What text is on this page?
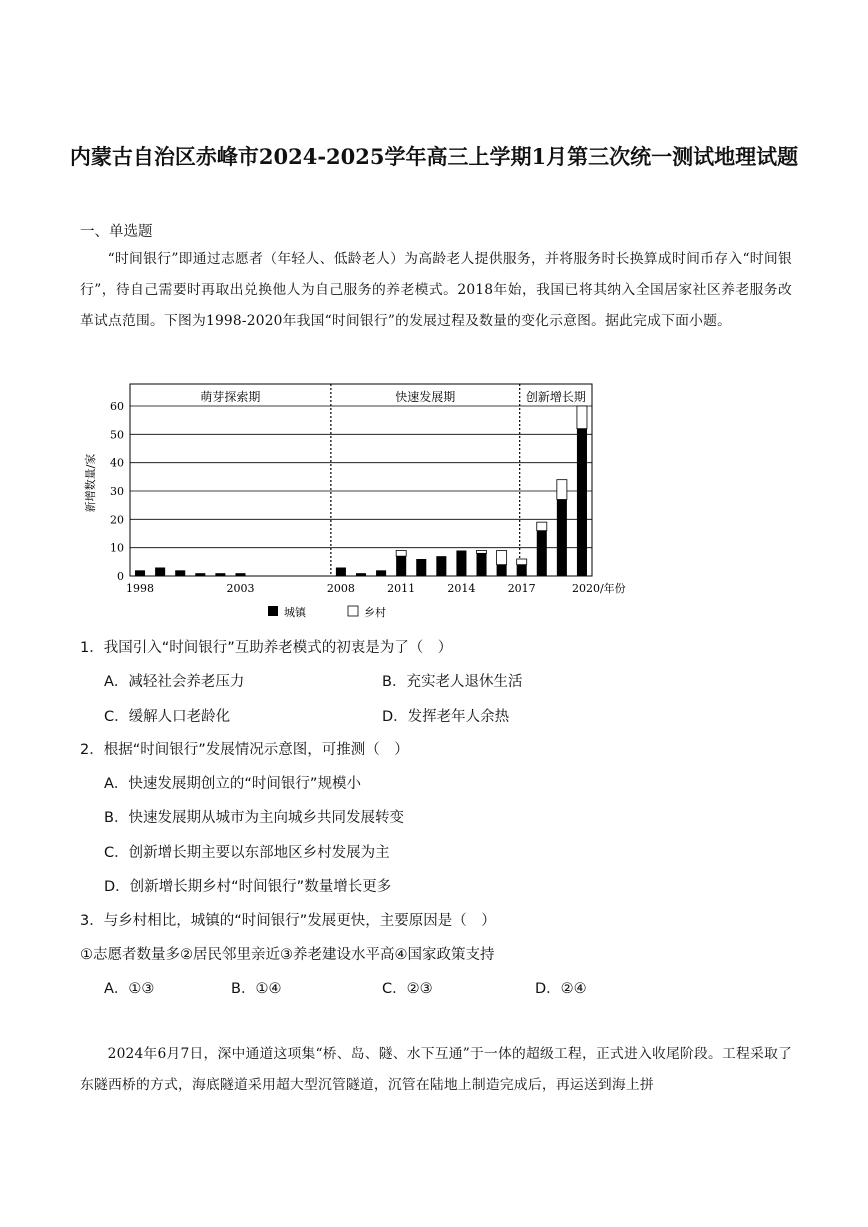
内蒙古自治区赤峰市2024-2025学年高三上学期1月第三次统一测试地理试题
一、单选题
“时间银行”即通过志愿者（年轻人、低龄老人）为高龄老人提供服务，并将服务时长换算成时间币存入“时间银行”，待自己需要时再取出兑换他人为自己服务的养老模式。2018年始，我国已将其纳入全国居家社区养老服务改革试点范围。下图为1998-2020年我国“时间银行”的发展过程及数量的变化示意图。据此完成下面小题。
0
10
20
30
40
50
60
萌芽探索期	快速发展期	创新增长期
新增数量/家
1998	2003	2008	2011	2014	2017	2020/年份
城镇	乡村
1．我国引入“时间银行”互助养老模式的初衷是为了（　）
A．减轻社会养老压力	B．充实老人退休生活
C．缓解人口老龄化	D．发挥老年人余热
2．根据“时间银行”发展情况示意图，可推测（　）
A．快速发展期创立的“时间银行”规模小
B．快速发展期从城市为主向城乡共同发展转变
C．创新增长期主要以东部地区乡村发展为主
D．创新增长期乡村“时间银行”数量增长更多
3．与乡村相比，城镇的“时间银行”发展更快，主要原因是（　）
①志愿者数量多②居民邻里亲近③养老建设水平高④国家政策支持
A．①③	B．①④	C．②③	D．②④
2024年6月7日，深中通道这项集“桥、岛、隧、水下互通”于一体的超级工程，正式进入收尾阶段。工程采取了东隧西桥的方式，海底隧道采用超大型沉管隧道，沉管在陆地上制造完成后，再运送到海上拼
